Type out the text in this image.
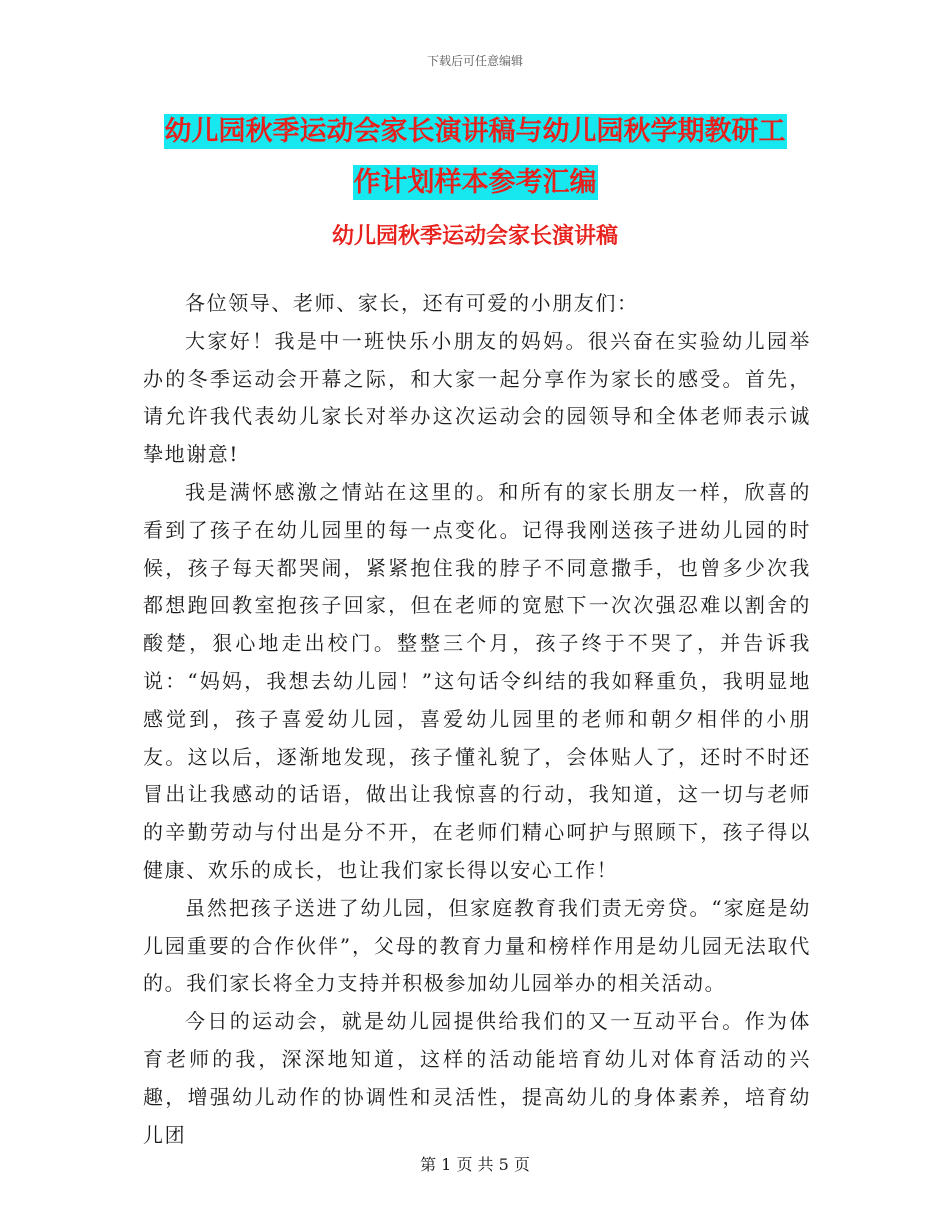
下载后可任意编辑
幼儿园秋季运动会家长演讲稿与幼儿园秋学期教研工
作计划样本参考汇编
幼儿园秋季运动会家长演讲稿

各位领导、老师、家长，还有可爱的小朋友们：

大家好！我是中一班快乐小朋友的妈妈。很兴奋在实验幼儿园举办的冬季运动会开幕之际，和大家一起分享作为家长的感受。首先，请允许我代表幼儿家长对举办这次运动会的园领导和全体老师表示诚挚地谢意!

我是满怀感激之情站在这里的。和所有的家长朋友一样，欣喜的看到了孩子在幼儿园里的每一点变化。记得我刚送孩子进幼儿园的时候，孩子每天都哭闹，紧紧抱住我的脖子不同意撒手，也曾多少次我都想跑回教室抱孩子回家，但在老师的宽慰下一次次强忍难以割舍的酸楚，狠心地走出校门。整整三个月，孩子终于不哭了，并告诉我说：“妈妈，我想去幼儿园！”这句话令纠结的我如释重负，我明显地感觉到，孩子喜爱幼儿园，喜爱幼儿园里的老师和朝夕相伴的小朋友。这以后，逐渐地发现，孩子懂礼貌了，会体贴人了，还时不时还冒出让我感动的话语，做出让我惊喜的行动，我知道，这一切与老师的辛勤劳动与付出是分不开，在老师们精心呵护与照顾下，孩子得以健康、欢乐的成长，也让我们家长得以安心工作！

虽然把孩子送进了幼儿园，但家庭教育我们责无旁贷。“家庭是幼儿园重要的合作伙伴”，父母的教育力量和榜样作用是幼儿园无法取代的。我们家长将全力支持并积极参加幼儿园举办的相关活动。

今日的运动会，就是幼儿园提供给我们的又一互动平台。作为体育老师的我，深深地知道，这样的活动能培育幼儿对体育活动的兴趣，增强幼儿动作的协调性和灵活性，提高幼儿的身体素养，培育幼儿团

第 1 页 共 5 页
